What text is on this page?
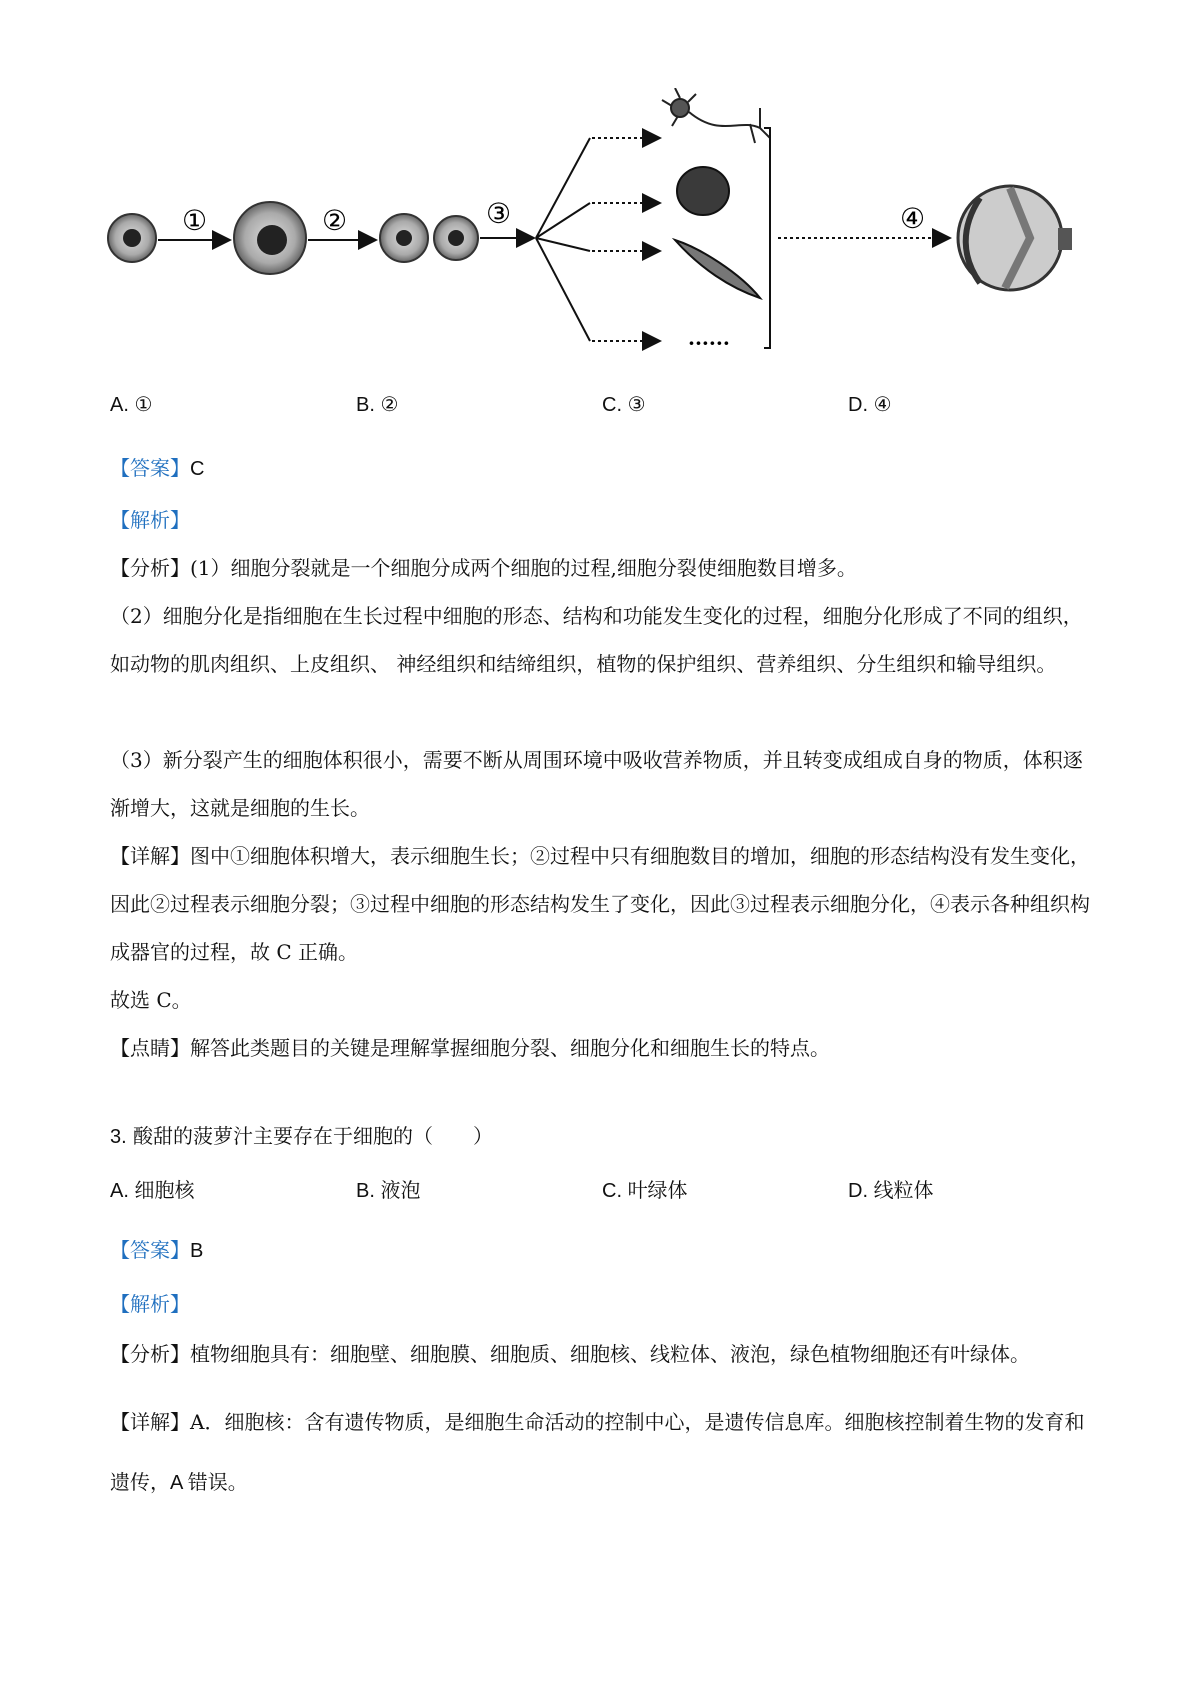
①	②	③
······
④
A. ①	B. ②	C. ③	D. ④
【答案】C
【解析】
【分析】(1）细胞分裂就是一个细胞分成两个细胞的过程,细胞分裂使细胞数目增多。
（2）细胞分化是指细胞在生长过程中细胞的形态、结构和功能发生变化的过程，细胞分化形成了不同的组织，如动物的肌肉组织、上皮组织、 神经组织和结缔组织，植物的保护组织、营养组织、分生组织和输导组织。
（3）新分裂产生的细胞体积很小，需要不断从周围环境中吸收营养物质，并且转变成组成自身的物质，体积逐渐增大，这就是细胞的生长。
【详解】图中①细胞体积增大，表示细胞生长；②过程中只有细胞数目的增加，细胞的形态结构没有发生变化，因此②过程表示细胞分裂；③过程中细胞的形态结构发生了变化，因此③过程表示细胞分化，④表示各种组织构成器官的过程，故 C 正确。
故选 C。
【点睛】解答此类题目的关键是理解掌握细胞分裂、细胞分化和细胞生长的特点。
3. 酸甜的菠萝汁主要存在于细胞的（　　）
A. 细胞核	B. 液泡	C. 叶绿体	D. 线粒体
【答案】B
【解析】
【分析】植物细胞具有：细胞壁、细胞膜、细胞质、细胞核、线粒体、液泡，绿色植物细胞还有叶绿体。
【详解】A．细胞核：含有遗传物质，是细胞生命活动的控制中心，是遗传信息库。细胞核控制着生物的发育和遗传，A 错误。
